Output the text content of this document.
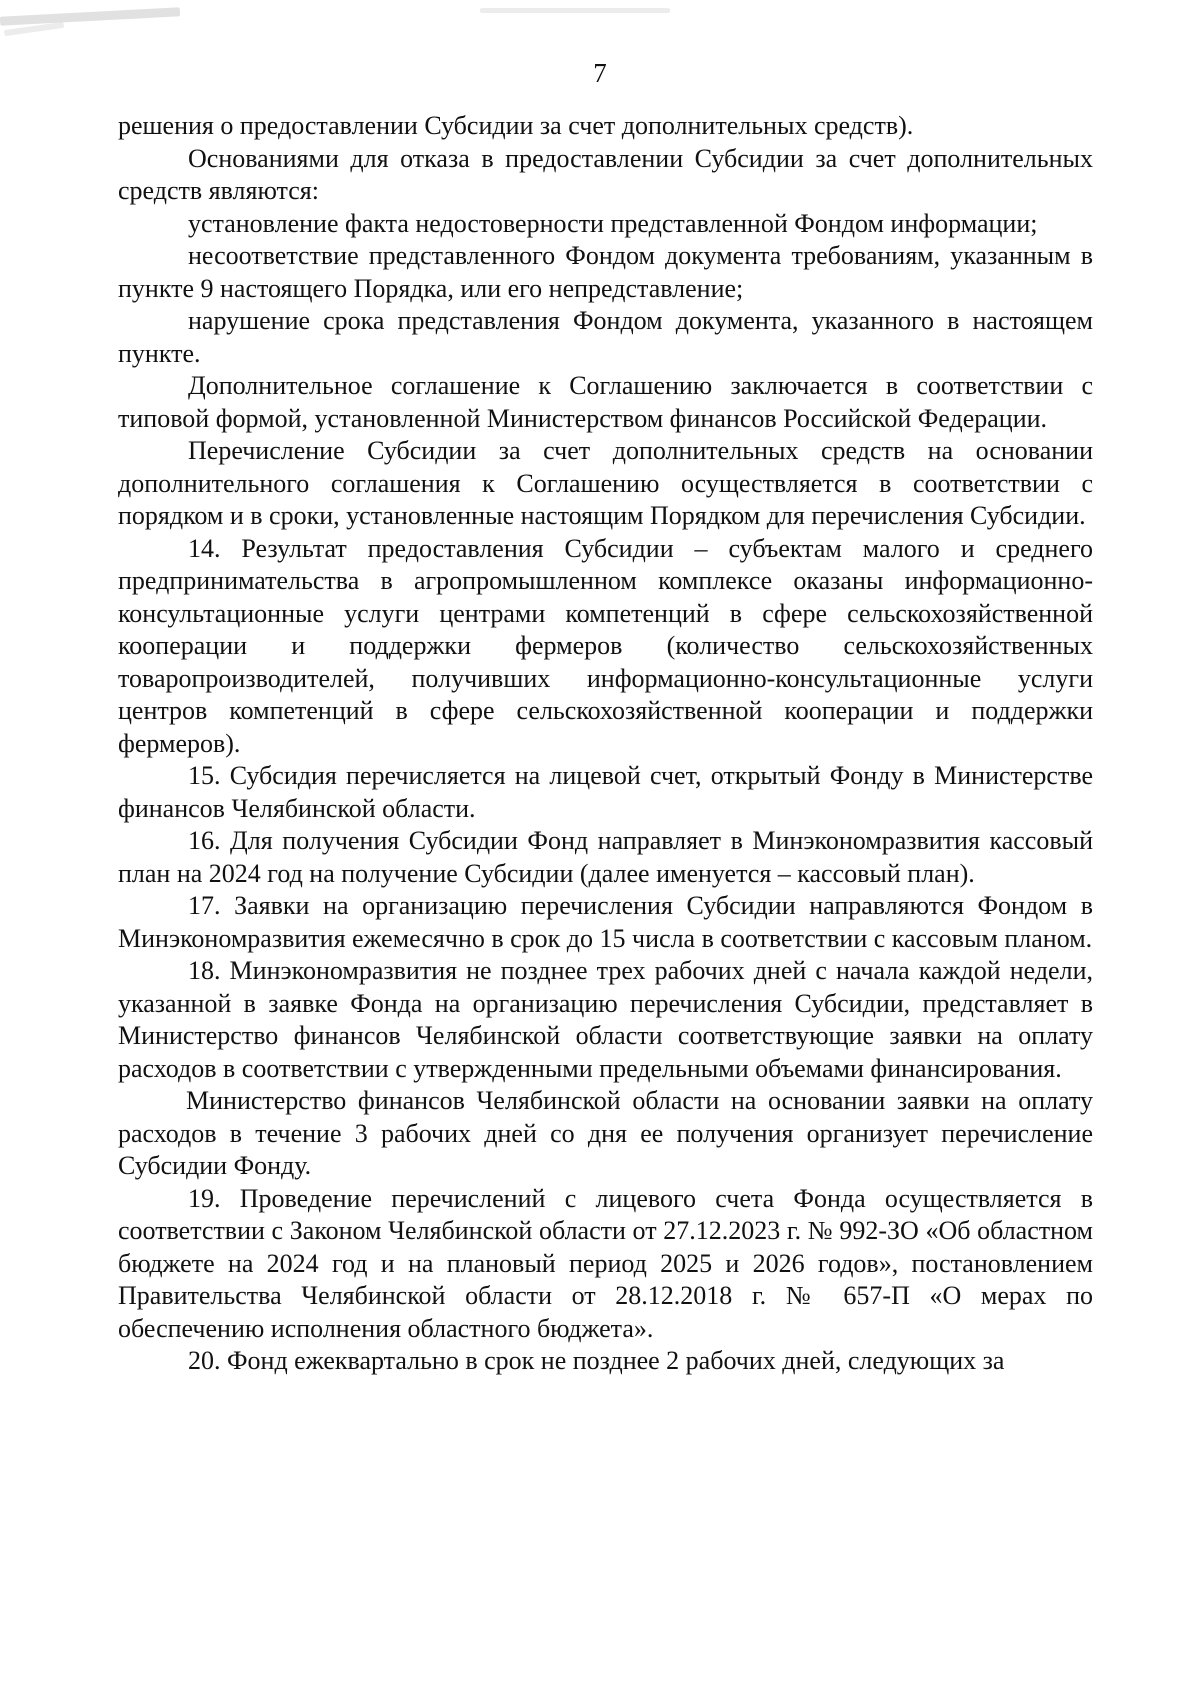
7

решения о предоставлении Субсидии за счет дополнительных средств).

Основаниями для отказа в предоставлении Субсидии за счет дополнительных средств являются:

установление факта недостоверности представленной Фондом информации;

несоответствие представленного Фондом документа требованиям, указанным в пункте 9 настоящего Порядка, или его непредставление;

нарушение срока представления Фондом документа, указанного в настоящем пункте.

Дополнительное соглашение к Соглашению заключается в соответствии с типовой формой, установленной Министерством финансов Российской Федерации.

Перечисление Субсидии за счет дополнительных средств на основании дополнительного соглашения к Соглашению осуществляется в соответствии с порядком и в сроки, установленные настоящим Порядком для перечисления Субсидии.

14. Результат предоставления Субсидии – субъектам малого и среднего предпринимательства в агропромышленном комплексе оказаны информационно-консультационные услуги центрами компетенций в сфере сельскохозяйственной кооперации и поддержки фермеров (количество сельскохозяйственных товаропроизводителей, получивших информационно-консультационные услуги центров компетенций в сфере сельскохозяйственной кооперации и поддержки фермеров).

15. Субсидия перечисляется на лицевой счет, открытый Фонду в Министерстве финансов Челябинской области.

16. Для получения Субсидии Фонд направляет в Минэкономразвития кассовый план на 2024 год на получение Субсидии (далее именуется – кассовый план).

17. Заявки на организацию перечисления Субсидии направляются Фондом в Минэкономразвития ежемесячно в срок до 15 числа в соответствии с кассовым планом.

18. Минэкономразвития не позднее трех рабочих дней с начала каждой недели, указанной в заявке Фонда на организацию перечисления Субсидии, представляет в Министерство финансов Челябинской области соответствующие заявки на оплату расходов в соответствии с утвержденными предельными объемами финансирования.

Министерство финансов Челябинской области на основании заявки на оплату расходов в течение 3 рабочих дней со дня ее получения организует перечисление Субсидии Фонду.

19. Проведение перечислений с лицевого счета Фонда осуществляется в соответствии с Законом Челябинской области от 27.12.2023 г. № 992-ЗО «Об областном бюджете на 2024 год и на плановый период 2025 и 2026 годов», постановлением Правительства Челябинской области от 28.12.2018 г. № 657-П «О мерах по обеспечению исполнения областного бюджета».

20. Фонд ежеквартально в срок не позднее 2 рабочих дней, следующих за
